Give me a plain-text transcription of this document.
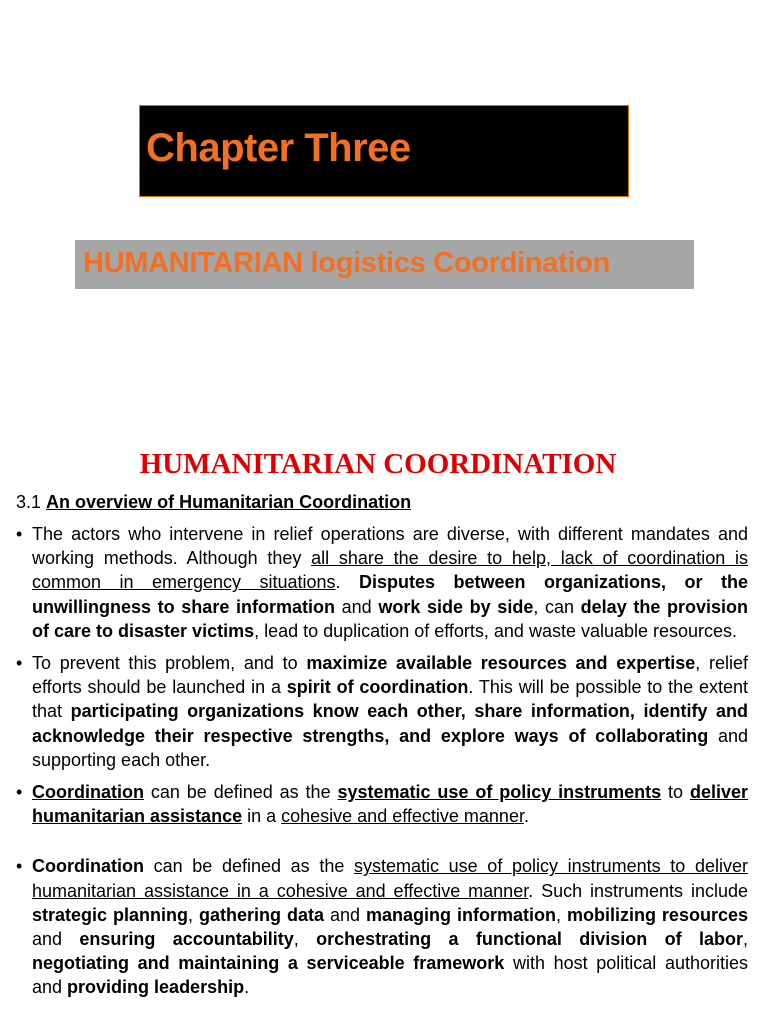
Chapter Three
HUMANITARIAN logistics Coordination
HUMANITARIAN COORDINATION
3.1 An overview of Humanitarian Coordination
• The actors who intervene in relief operations are diverse, with different mandates and working methods. Although they all share the desire to help, lack of coordination is common in emergency situations. Disputes between organizations, or the unwillingness to share information and work side by side, can delay the provision of care to disaster victims, lead to duplication of efforts, and waste valuable resources.
• To prevent this problem, and to maximize available resources and expertise, relief efforts should be launched in a spirit of coordination. This will be possible to the extent that participating organizations know each other, share information, identify and acknowledge their respective strengths, and explore ways of collaborating and supporting each other.
• Coordination can be defined as the systematic use of policy instruments to deliver humanitarian assistance in a cohesive and effective manner.
• Coordination can be defined as the systematic use of policy instruments to deliver humanitarian assistance in a cohesive and effective manner. Such instruments include strategic planning, gathering data and managing information, mobilizing resources and ensuring accountability, orchestrating a functional division of labor, negotiating and maintaining a serviceable framework with host political authorities and providing leadership.
